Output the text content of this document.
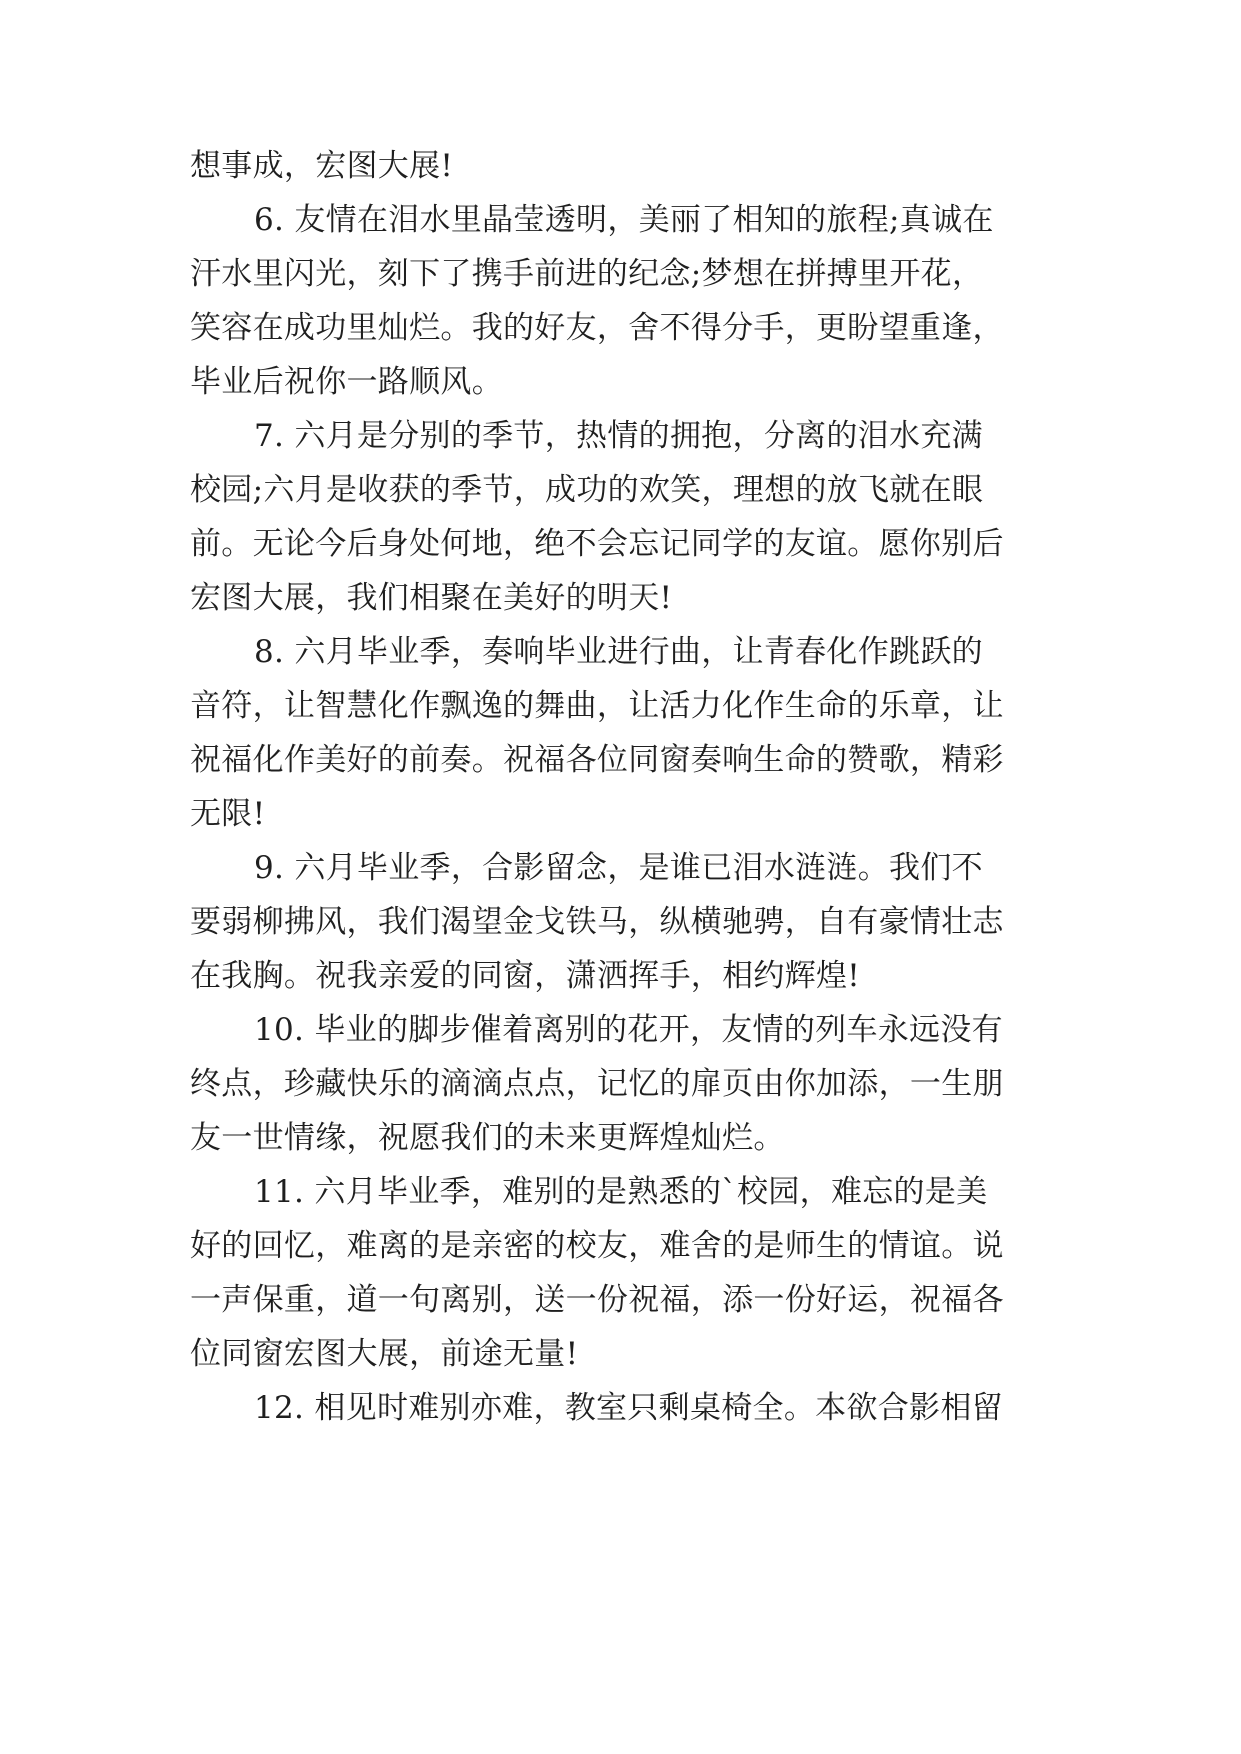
想事成，宏图大展!
6. 友情在泪水里晶莹透明，美丽了相知的旅程;真诚在
汗水里闪光，刻下了携手前进的纪念;梦想在拼搏里开花，
笑容在成功里灿烂。我的好友，舍不得分手，更盼望重逢，
毕业后祝你一路顺风。
7. 六月是分别的季节，热情的拥抱，分离的泪水充满
校园;六月是收获的季节，成功的欢笑，理想的放飞就在眼
前。无论今后身处何地，绝不会忘记同学的友谊。愿你别后
宏图大展，我们相聚在美好的明天!
8. 六月毕业季，奏响毕业进行曲，让青春化作跳跃的
音符，让智慧化作飘逸的舞曲，让活力化作生命的乐章，让
祝福化作美好的前奏。祝福各位同窗奏响生命的赞歌，精彩
无限!
9. 六月毕业季，合影留念，是谁已泪水涟涟。我们不
要弱柳拂风，我们渴望金戈铁马，纵横驰骋，自有豪情壮志
在我胸。祝我亲爱的同窗，潇洒挥手，相约辉煌!
10. 毕业的脚步催着离别的花开，友情的列车永远没有
终点，珍藏快乐的滴滴点点，记忆的扉页由你加添，一生朋
友一世情缘，祝愿我们的未来更辉煌灿烂。
11. 六月毕业季，难别的是熟悉的`校园，难忘的是美
好的回忆，难离的是亲密的校友，难舍的是师生的情谊。说
一声保重，道一句离别，送一份祝福，添一份好运，祝福各
位同窗宏图大展，前途无量!
12. 相见时难别亦难，教室只剩桌椅全。本欲合影相留
